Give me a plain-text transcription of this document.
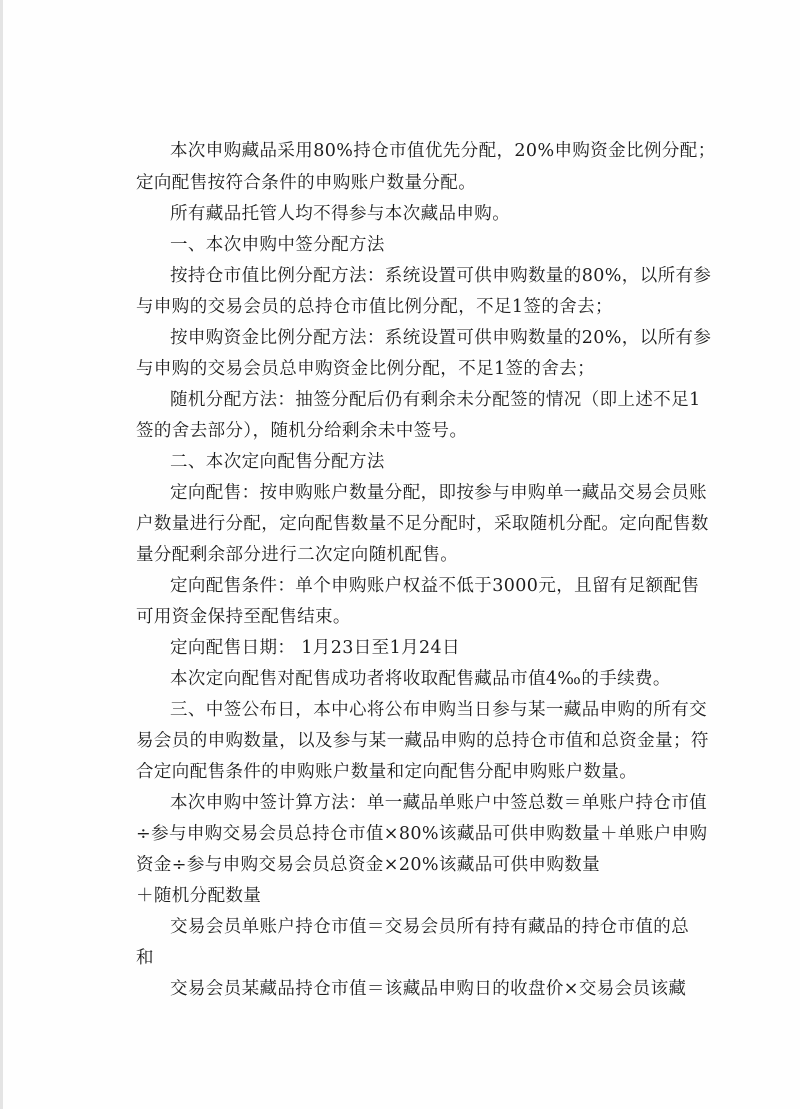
本次申购藏品采用80%持仓市值优先分配，20%申购资金比例分配；
定向配售按符合条件的申购账户数量分配。
所有藏品托管人均不得参与本次藏品申购。
一、本次申购中签分配方法
按持仓市值比例分配方法：系统设置可供申购数量的80%，以所有参
与申购的交易会员的总持仓市值比例分配，不足1签的舍去；
按申购资金比例分配方法：系统设置可供申购数量的20%，以所有参
与申购的交易会员总申购资金比例分配，不足1签的舍去；
随机分配方法：抽签分配后仍有剩余未分配签的情况（即上述不足1
签的舍去部分），随机分给剩余未中签号。
二、本次定向配售分配方法
定向配售：按申购账户数量分配，即按参与申购单一藏品交易会员账
户数量进行分配，定向配售数量不足分配时，采取随机分配。定向配售数
量分配剩余部分进行二次定向随机配售。
定向配售条件：单个申购账户权益不低于3000元，且留有足额配售
可用资金保持至配售结束。
定向配售日期： 1月23日至1月24日
本次定向配售对配售成功者将收取配售藏品市值4‰的手续费。
三、中签公布日，本中心将公布申购当日参与某一藏品申购的所有交
易会员的申购数量，以及参与某一藏品申购的总持仓市值和总资金量；符
合定向配售条件的申购账户数量和定向配售分配申购账户数量。
本次申购中签计算方法：单一藏品单账户中签总数＝单账户持仓市值
÷参与申购交易会员总持仓市值×80%该藏品可供申购数量＋单账户申购
资金÷参与申购交易会员总资金×20%该藏品可供申购数量
＋随机分配数量
交易会员单账户持仓市值＝交易会员所有持有藏品的持仓市值的总
和
交易会员某藏品持仓市值＝该藏品申购日的收盘价×交易会员该藏
